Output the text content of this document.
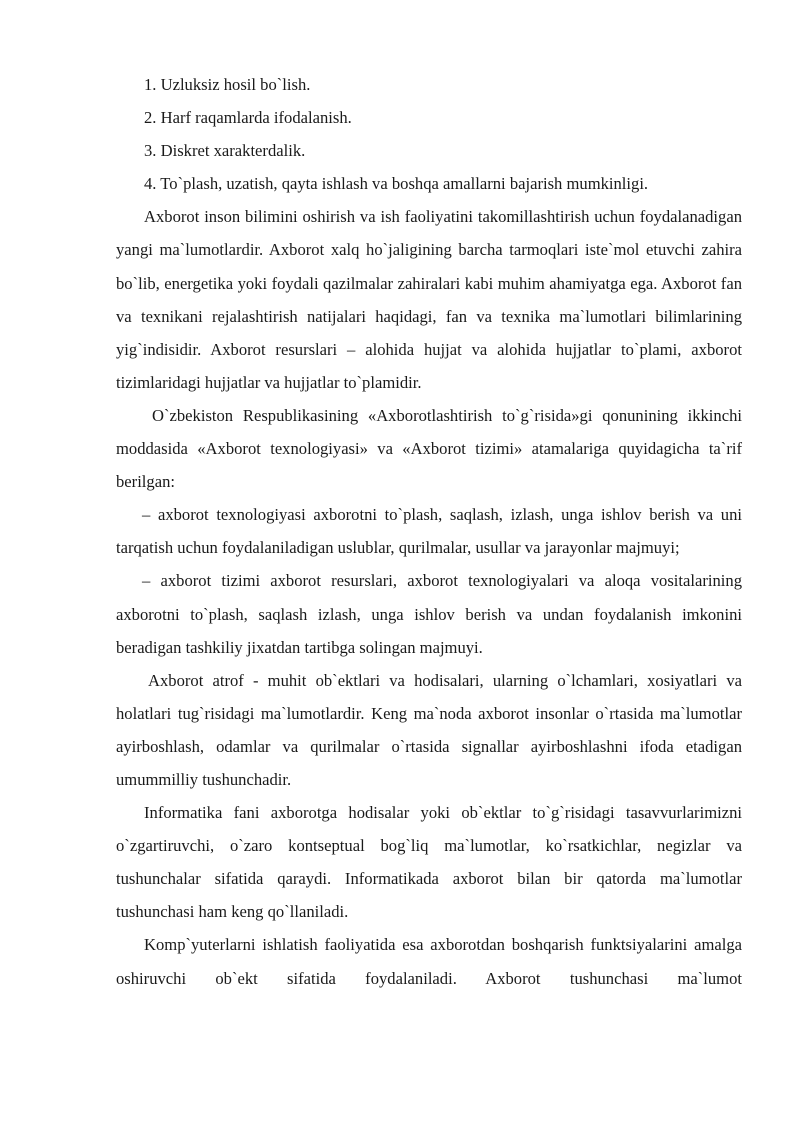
1. Uzluksiz hosil bo`lish.

2. Harf raqamlarda ifodalanish.

3. Diskret xarakterdalik.

4. To`plash, uzatish, qayta ishlash va boshqa amallarni bajarish mumkinligi.

Axborot inson bilimini oshirish va ish faoliyatini takomillashtirish uchun foydalanadigan yangi ma`lumotlardir. Axborot xalq ho`jaligining barcha tarmoqlari iste`mol etuvchi zahira bo`lib, energetika yoki foydali qazilmalar zahiralari kabi muhim ahamiyatga ega. Axborot fan va texnikani rejalashtirish natijalari haqidagi, fan va texnika ma`lumotlari bilimlarining yig`indisidir. Axborot resurslari – alohida hujjat va alohida hujjatlar to`plami, axborot tizimlaridagi hujjatlar va hujjatlar to`plamidir.

O`zbekiston Respublikasining «Axborotlashtirish to`g`risida»gi qonunining ikkinchi moddasida «Axborot texnologiyasi» va «Axborot tizimi» atamalariga quyidagicha ta`rif berilgan:

– axborot texnologiyasi axborotni to`plash, saqlash, izlash, unga ishlov berish va uni tarqatish uchun foydalaniladigan uslublar, qurilmalar, usullar va jarayonlar majmuyi;

– axborot tizimi axborot resurslari, axborot texnologiyalari va aloqa vositalarining axborotni to`plash, saqlash izlash, unga ishlov berish va undan foydalanish imkonini beradigan tashkiliy jixatdan tartibga solingan majmuyi.

Axborot atrof - muhit ob`ektlari va hodisalari, ularning o`lchamlari, xosiyatlari va holatlari tug`risidagi ma`lumotlardir. Keng ma`noda axborot insonlar o`rtasida ma`lumotlar ayirboshlash, odamlar va qurilmalar o`rtasida signallar ayirboshlashni ifoda etadigan umummilliy tushunchadir.

Informatika fani axborotga hodisalar yoki ob`ektlar to`g`risidagi tasavvurlarimizni o`zgartiruvchi, o`zaro kontseptual bog`liq ma`lumotlar, ko`rsatkichlar, negizlar va tushunchalar sifatida qaraydi. Informatikada axborot bilan bir qatorda ma`lumotlar tushunchasi ham keng qo`llaniladi.

Komp`yuterlarni ishlatish faoliyatida esa axborotdan boshqarish funktsiyalarini amalga oshiruvchi ob`ekt sifatida foydalaniladi. Axborot tushunchasi ma`lumot
